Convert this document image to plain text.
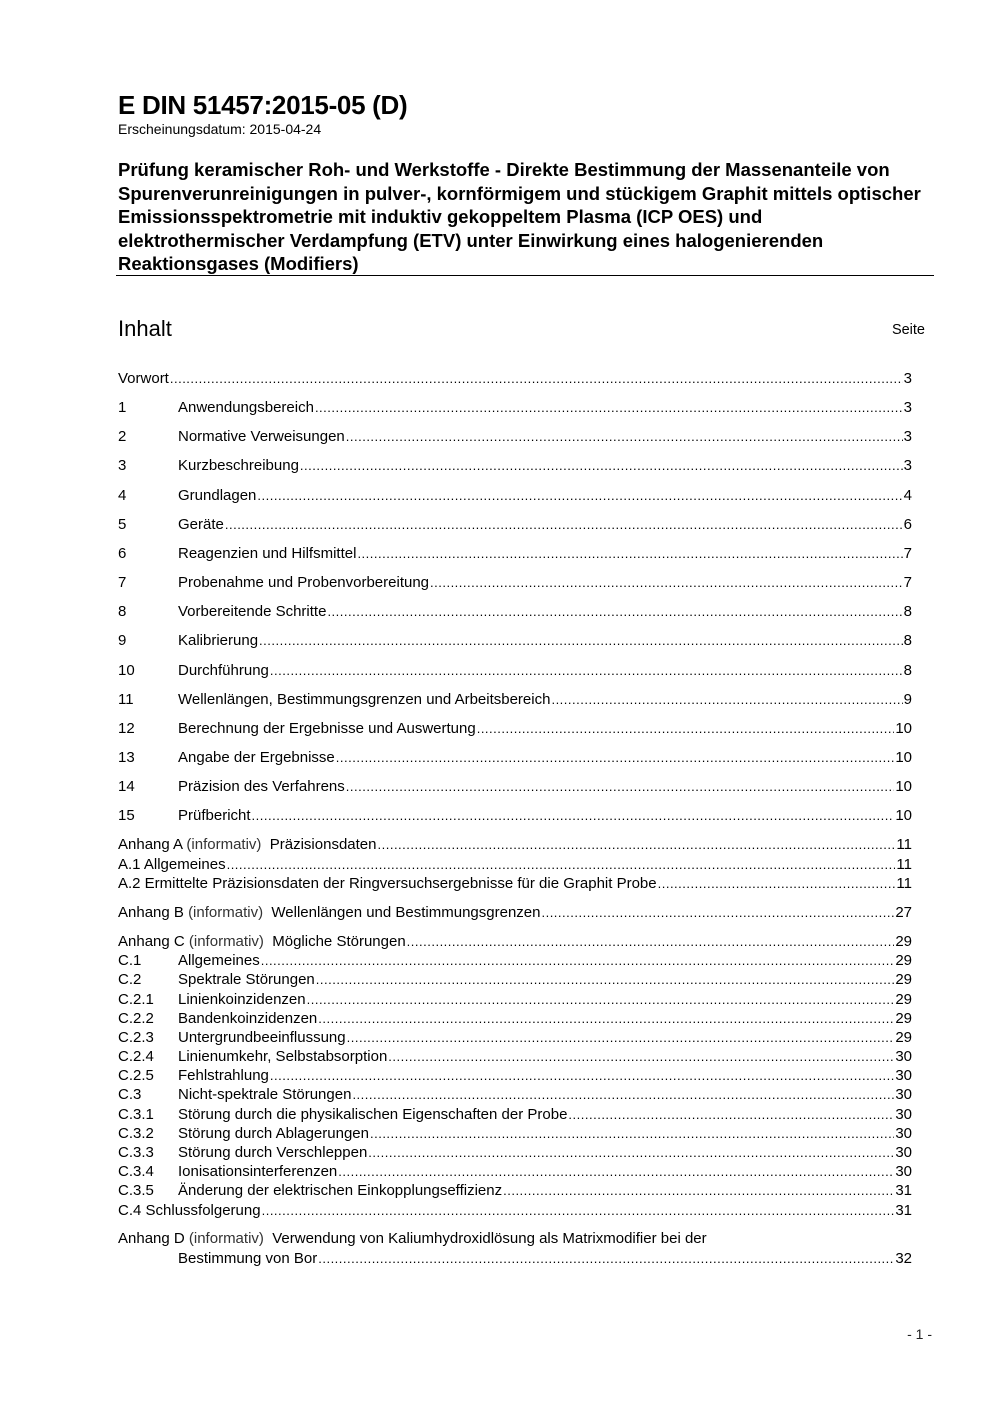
E DIN 51457:2015-05 (D)
Erscheinungsdatum: 2015-04-24
Prüfung keramischer Roh- und Werkstoffe - Direkte Bestimmung der Massenanteile von Spurenverunreinigungen in pulver-, kornförmigem und stückigem Graphit mittels optischer Emissionsspektrometrie mit induktiv gekoppeltem Plasma (ICP OES) und elektrothermischer Verdampfung (ETV) unter Einwirkung eines halogenierenden Reaktionsgases (Modifiers)
Inhalt	Seite
Vorwort .....	3
1	Anwendungsbereich .....	3
2	Normative Verweisungen .....	3
3	Kurzbeschreibung .....	3
4	Grundlagen .....	4
5	Geräte .....	6
6	Reagenzien und Hilfsmittel .....	7
7	Probenahme und Probenvorbereitung .....	7
8	Vorbereitende Schritte .....	8
9	Kalibrierung .....	8
10	Durchführung .....	8
11	Wellenlängen, Bestimmungsgrenzen und Arbeitsbereich .....	9
12	Berechnung der Ergebnisse und Auswertung .....	10
13	Angabe der Ergebnisse .....	10
14	Präzision des Verfahrens .....	10
15	Prüfbericht .....	10
Anhang A (informativ)  Präzisionsdaten .....	11
A.1 Allgemeines .....	11
A.2 Ermittelte Präzisionsdaten der Ringversuchsergebnisse für die Graphit Probe .....	11
Anhang B (informativ)  Wellenlängen und Bestimmungsgrenzen .....	27
Anhang C (informativ)  Mögliche Störungen .....	29
C.1	Allgemeines .....	29
C.2	Spektrale Störungen .....	29
C.2.1	Linienkoinzidenzen .....	29
C.2.2	Bandenkoinzidenzen .....	29
C.2.3	Untergrundbeeinflussung .....	29
C.2.4	Linienumkehr, Selbstabsorption .....	30
C.2.5	Fehlstrahlung .....	30
C.3	Nicht-spektrale Störungen .....	30
C.3.1	Störung durch die physikalischen Eigenschaften der Probe .....	30
C.3.2	Störung durch Ablagerungen .....	30
C.3.3	Störung durch Verschleppen .....	30
C.3.4	Ionisationsinterferenzen .....	30
C.3.5	Änderung der elektrischen Einkopplungseffizienz .....	31
C.4 Schlussfolgerung .....	31
Anhang D (informativ)  Verwendung von Kaliumhydroxidlösung als Matrixmodifier bei der
Bestimmung von Bor .....	32
- 1 -
